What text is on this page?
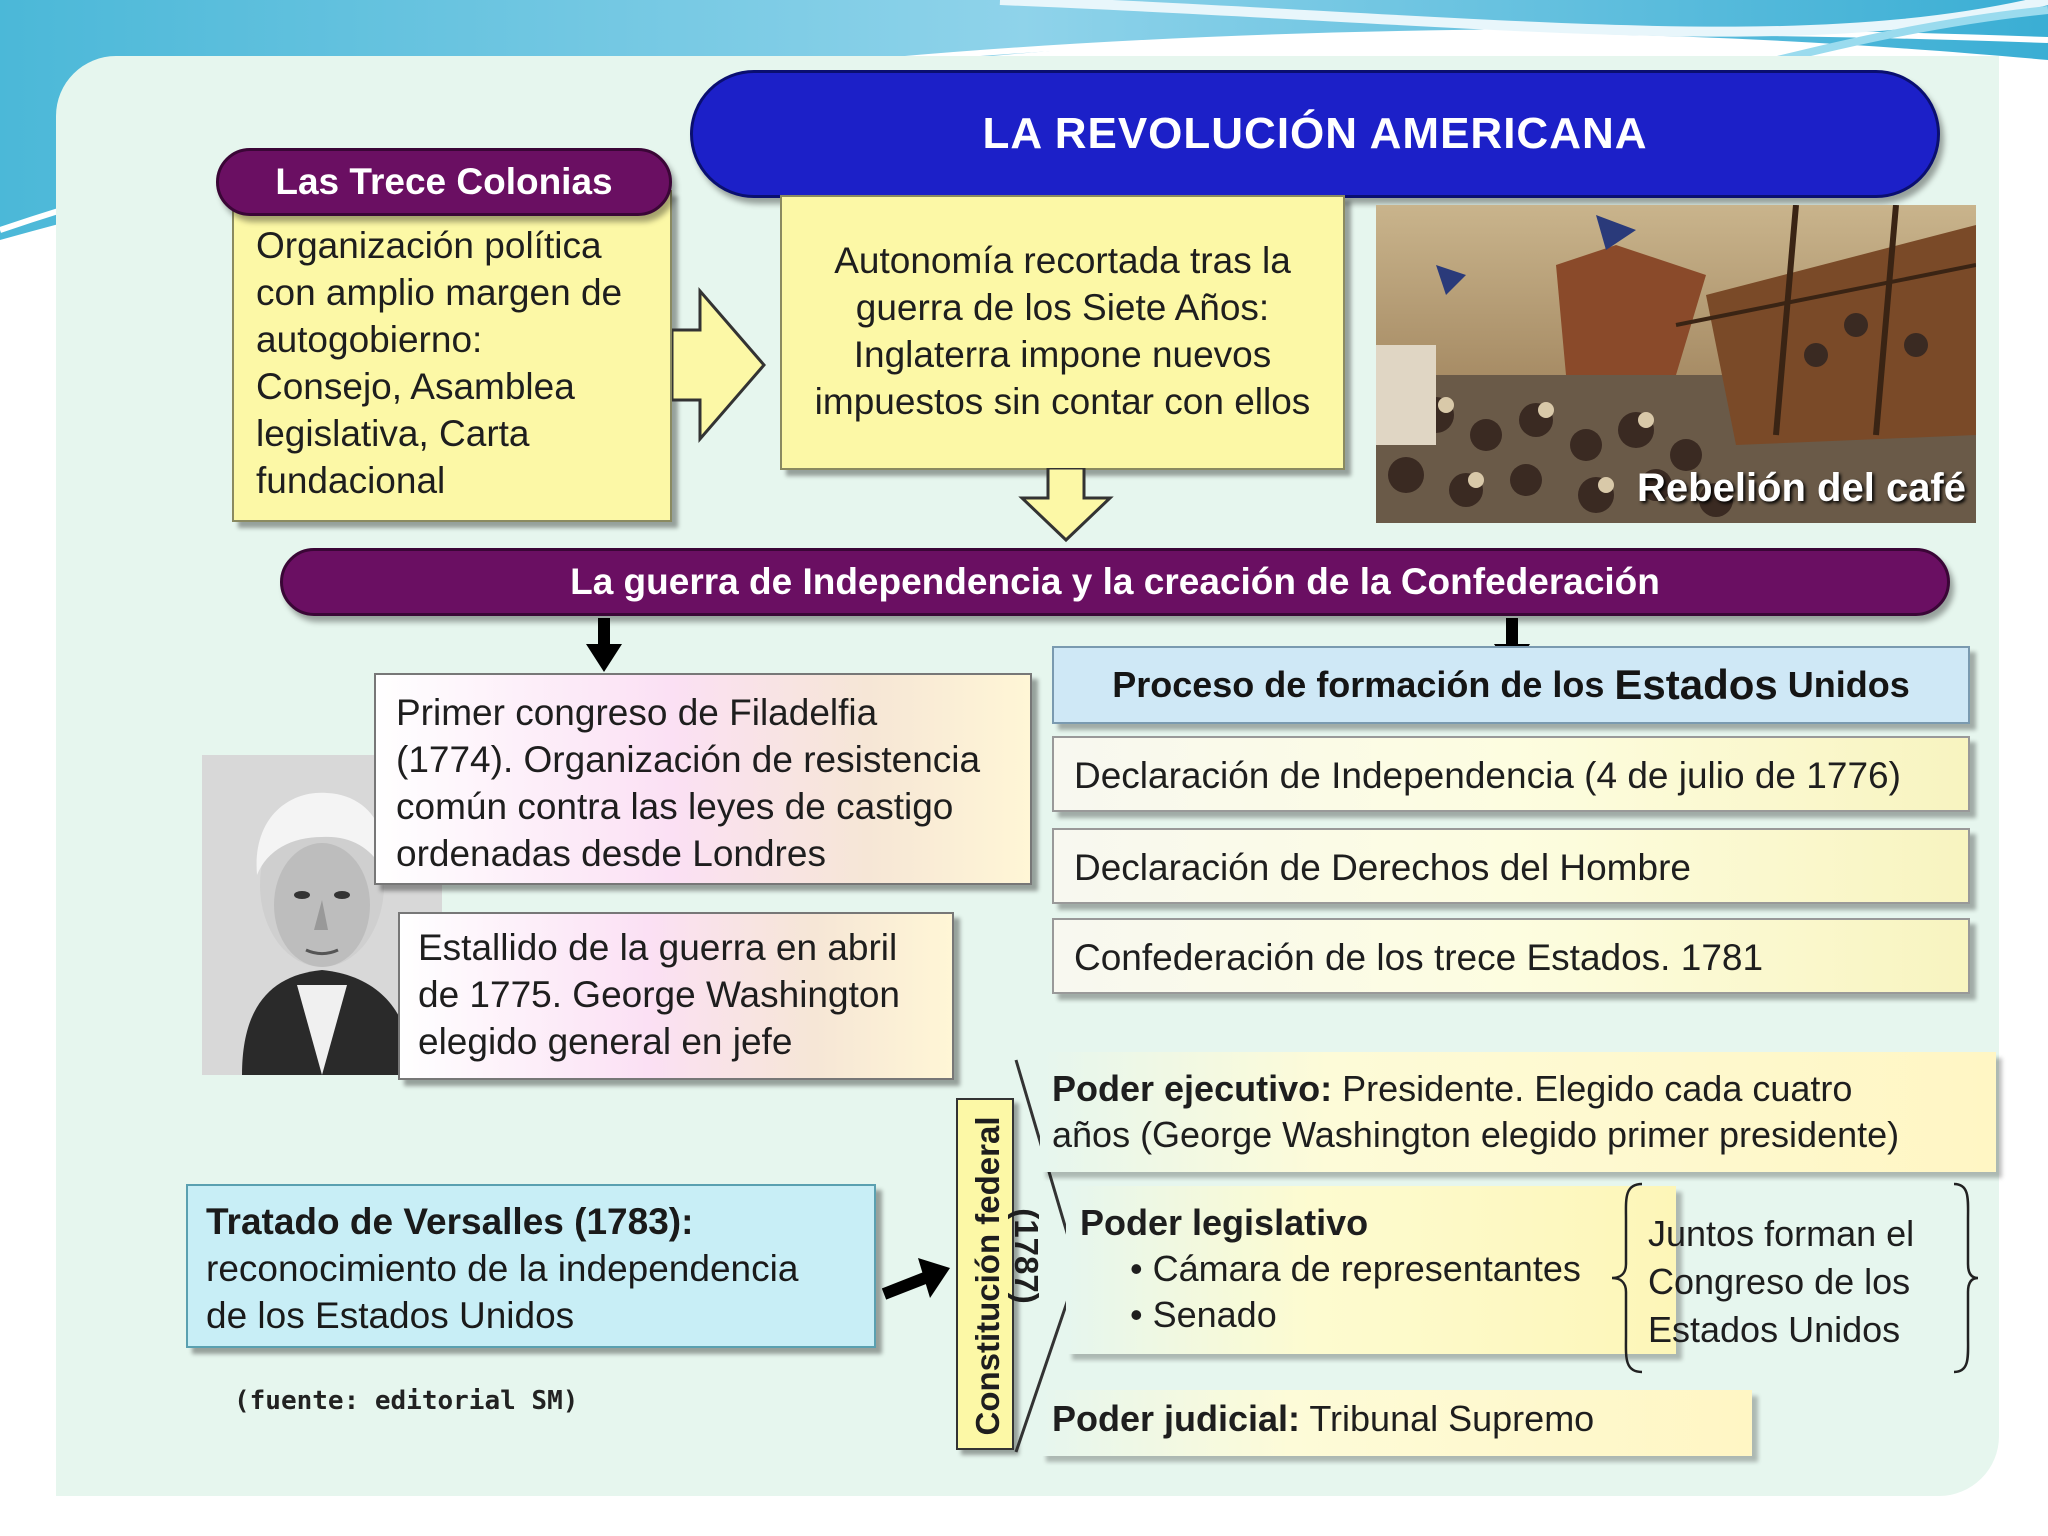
LA REVOLUCIÓN AMERICANA
Organización política
con amplio margen de
autogobierno:
Consejo, Asamblea
legislativa, Carta
fundacional
Las Trece Colonias
Autonomía recortada tras la
guerra de los Siete Años:
Inglaterra impone nuevos
impuestos sin contar con ellos
Rebelión del café
La guerra de Independencia y la creación de la Confederación
Primer congreso de Filadelfia
(1774). Organización de resistencia
común contra las leyes de castigo
ordenadas desde Londres
Estallido de la guerra en abril
de 1775. George Washington
elegido general en jefe
Proceso de formación de los Estados Unidos
Declaración de Independencia (4 de julio de 1776)
Declaración de Derechos del Hombre
Confederación de los trece Estados. 1781
Tratado de Versalles (1783):
reconocimiento de la independencia
de los Estados Unidos	Constitución federal (1787)
Poder ejecutivo: Presidente. Elegido cada cuatro
años (George Washington elegido primer presidente)
Poder legislativo
• Cámara de representantes
• Senado
Juntos forman el
Congreso de los
Estados Unidos
Poder judicial: Tribunal Supremo
(fuente: editorial SM)
